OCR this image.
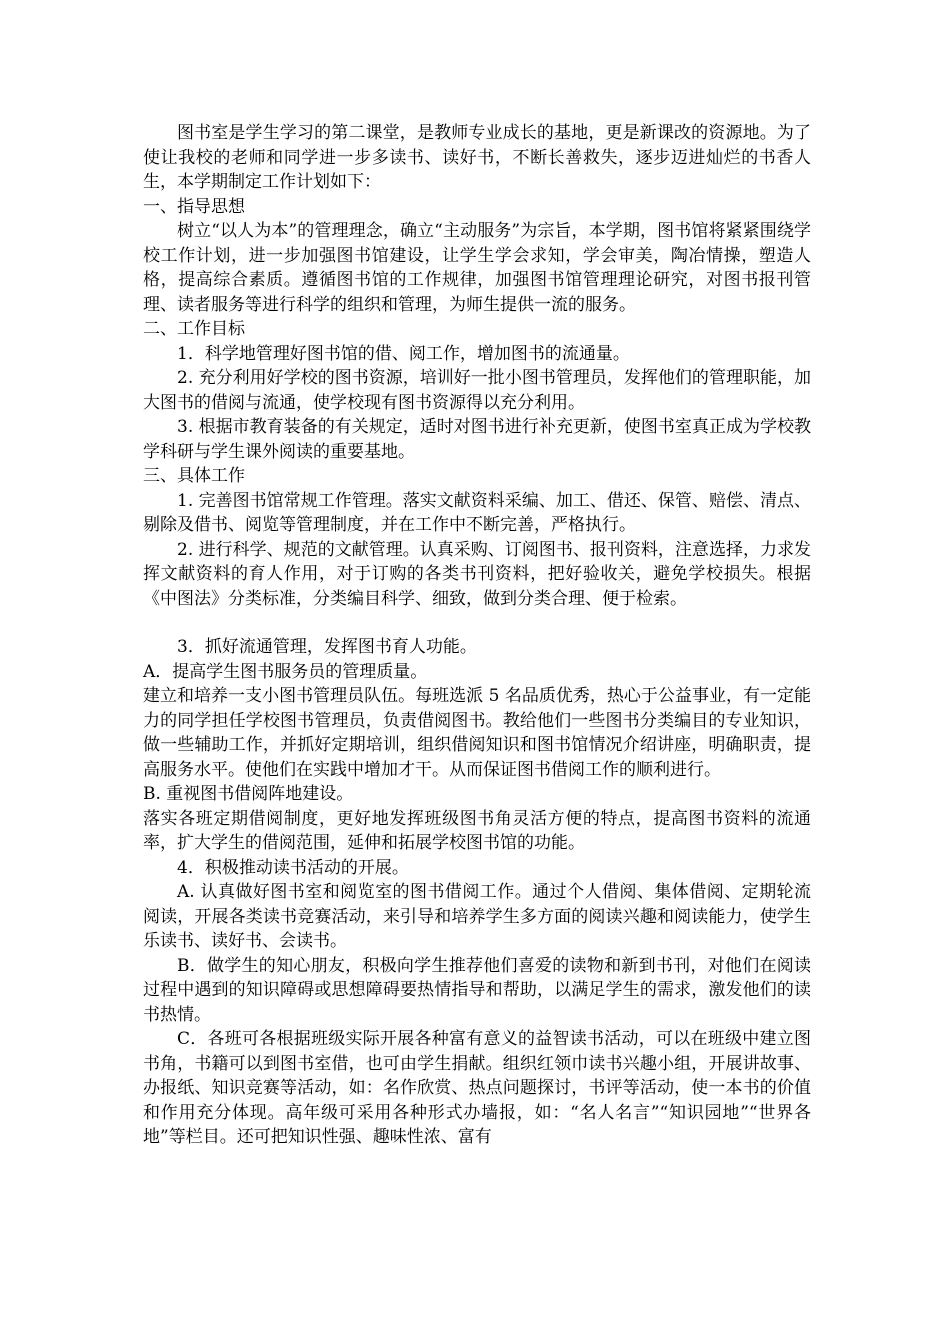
图书室是学生学习的第二课堂，是教师专业成长的基地，更是新课改的资源地。为了使让我校的老师和同学进一步多读书、读好书，不断长善救失，逐步迈进灿烂的书香人生，本学期制定工作计划如下：

一、指导思想

树立“以人为本”的管理理念，确立“主动服务”为宗旨，本学期，图书馆将紧紧围绕学校工作计划，进一步加强图书馆建设，让学生学会求知，学会审美，陶冶情操，塑造人格，提高综合素质。遵循图书馆的工作规律，加强图书馆管理理论研究，对图书报刊管理、读者服务等进行科学的组织和管理，为师生提供一流的服务。

二、工作目标

1．科学地管理好图书馆的借、阅工作，增加图书的流通量。

2. 充分利用好学校的图书资源，培训好一批小图书管理员，发挥他们的管理职能，加大图书的借阅与流通，使学校现有图书资源得以充分利用。

3. 根据市教育装备的有关规定，适时对图书进行补充更新，使图书室真正成为学校教学科研与学生课外阅读的重要基地。

三、具体工作

1. 完善图书馆常规工作管理。落实文献资料采编、加工、借还、保管、赔偿、清点、剔除及借书、阅览等管理制度，并在工作中不断完善，严格执行。

2. 进行科学、规范的文献管理。认真采购、订阅图书、报刊资料，注意选择，力求发挥文献资料的育人作用，对于订购的各类书刊资料，把好验收关，避免学校损失。根据《中图法》分类标准，分类编目科学、细致，做到分类合理、便于检索。

3．抓好流通管理，发挥图书育人功能。

A．提高学生图书服务员的管理质量。

建立和培养一支小图书管理员队伍。每班选派 5 名品质优秀，热心于公益事业，有一定能力的同学担任学校图书管理员，负责借阅图书。教给他们一些图书分类编目的专业知识，做一些辅助工作，并抓好定期培训，组织借阅知识和图书馆情况介绍讲座，明确职责，提高服务水平。使他们在实践中增加才干。从而保证图书借阅工作的顺利进行。

B. 重视图书借阅阵地建设。

落实各班定期借阅制度，更好地发挥班级图书角灵活方便的特点，提高图书资料的流通率，扩大学生的借阅范围，延伸和拓展学校图书馆的功能。

4．积极推动读书活动的开展。

A. 认真做好图书室和阅览室的图书借阅工作。通过个人借阅、集体借阅、定期轮流阅读，开展各类读书竞赛活动，来引导和培养学生多方面的阅读兴趣和阅读能力，使学生乐读书、读好书、会读书。

B．做学生的知心朋友，积极向学生推荐他们喜爱的读物和新到书刊，对他们在阅读过程中遇到的知识障碍或思想障碍要热情指导和帮助，以满足学生的需求，激发他们的读书热情。

C．各班可各根据班级实际开展各种富有意义的益智读书活动，可以在班级中建立图书角，书籍可以到图书室借，也可由学生捐献。组织红领巾读书兴趣小组，开展讲故事、办报纸、知识竞赛等活动，如：名作欣赏、热点问题探讨，书评等活动，使一本书的价值和作用充分体现。高年级可采用各种形式办墙报，如：“名人名言”“知识园地”“世界各地”等栏目。还可把知识性强、趣味性浓、富有
